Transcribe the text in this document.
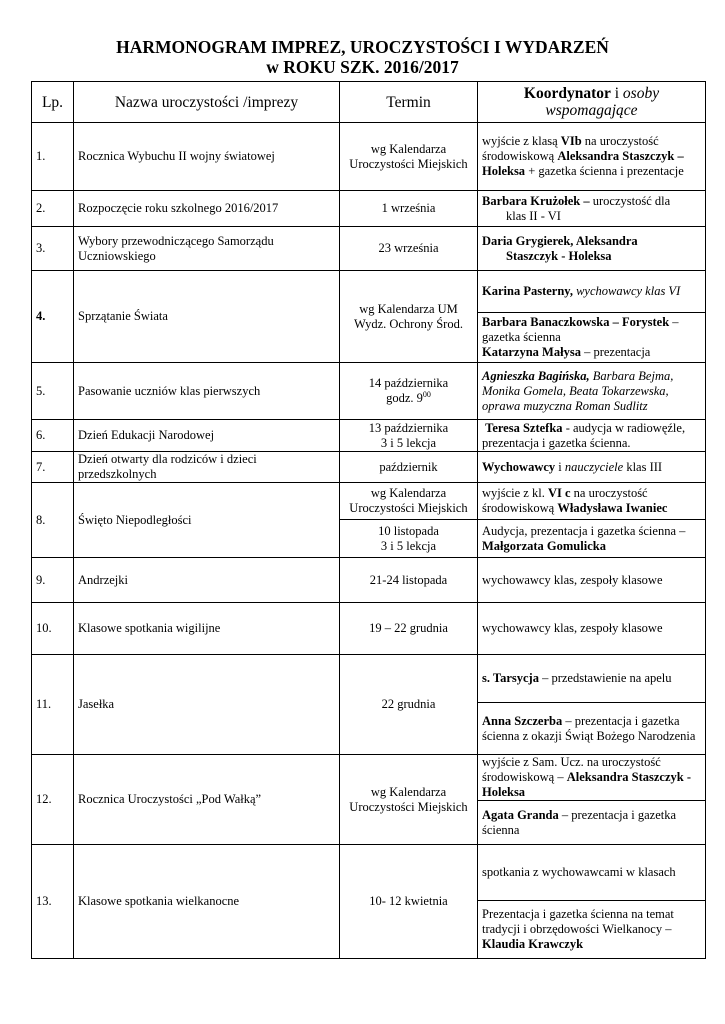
HARMONOGRAM IMPREZ, UROCZYSTOŚCI I WYDARZEŃ
w ROKU SZK. 2016/2017
Lp.	Nazwa uroczystości /imprezy	Termin	Koordynator i osoby
wspomagające
1.	Rocznica Wybuchu II wojny światowej	wg Kalendarza
Uroczystości Miejskich	wyjście z klasą VIb na uroczystość środowiskową Aleksandra Staszczyk – Holeksa + gazetka ścienna i prezentacje
2.	Rozpoczęcie roku szkolnego 2016/2017	1 września	Barbara Krużołek – uroczystość dla
klas II - VI
3.	Wybory przewodniczącego Samorządu
Uczniowskiego	23 września	Daria Grygierek, Aleksandra
Staszczyk - Holeksa
4.	Sprzątanie Świata	wg Kalendarza UM
Wydz. Ochrony Środ.	Karina Pasterny, wychowawcy klas VI
			Barbara Banaczkowska – Forystek – gazetka ścienna
Katarzyna Małysa – prezentacja
5.	Pasowanie uczniów klas pierwszych	14 października
godz. $9^{00}$	Agnieszka Bagińska, Barbara Bejma, Monika Gomela, Beata Tokarzewska, oprawa muzyczna Roman Sudlitz
6.	Dzień Edukacji Narodowej	13 października
3 i 5 lekcja	Teresa Sztefka - audycja w radiowęźle, prezentacja i gazetka ścienna.
7.	Dzień otwarty dla rodziców i dzieci
przedszkolnych	październik	Wychowawcy i nauczyciele klas III
8.	Święto Niepodległości	wg Kalendarza
Uroczystości Miejskich	wyjście z kl. VI c na uroczystość środowiskową Władysława Iwaniec
		10 listopada
3 i 5 lekcja	Audycja, prezentacja i gazetka ścienna – Małgorzata Gomulicka
9.	Andrzejki	21-24 listopada	wychowawcy klas, zespoły klasowe
10.	Klasowe spotkania wigilijne	19 – 22 grudnia	wychowawcy klas, zespoły klasowe
11.	Jasełka	22 grudnia	s. Tarsycja – przedstawienie na apelu
			Anna Szczerba – prezentacja i gazetka ścienna z okazji Świąt Bożego Narodzenia
12.	Rocznica Uroczystości „Pod Wałką”	wg Kalendarza
Uroczystości Miejskich	wyjście z Sam. Ucz. na uroczystość środowiskową – Aleksandra Staszczyk - Holeksa
			Agata Granda – prezentacja i gazetka ścienna
13.	Klasowe spotkania wielkanocne	10- 12 kwietnia	spotkania z wychowawcami w klasach
			Prezentacja i gazetka ścienna na temat tradycji i obrzędowości Wielkanocy – Klaudia Krawczyk
